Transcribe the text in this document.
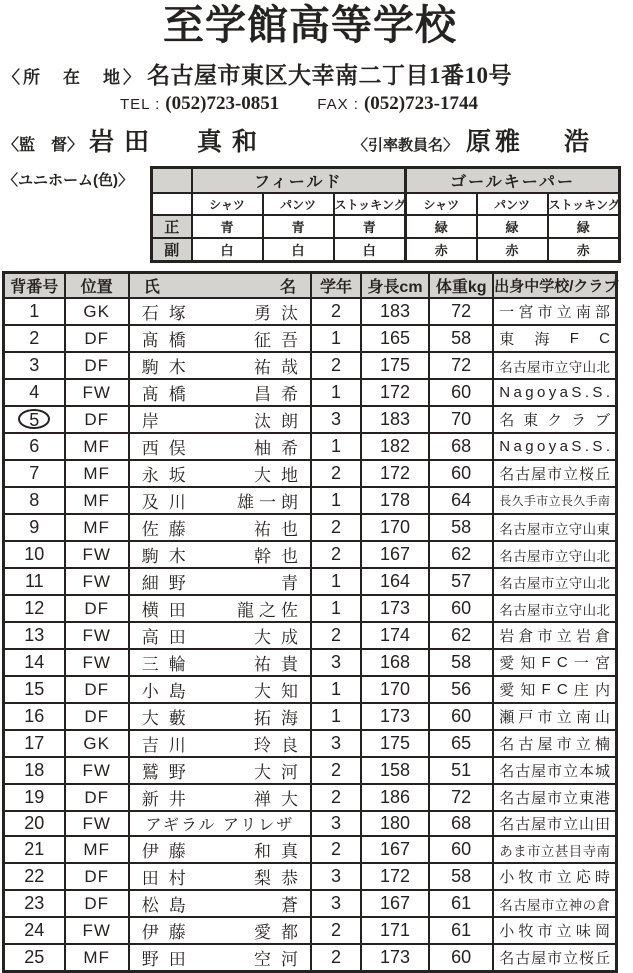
至学館高等学校
〈所　在　地〉 名古屋市東区大幸南二丁目1番10号
TEL : (052)723-0851	FAX : (052)723-1744
〈監　督〉 岩田 真和	〈引率教員名〉 原 雅浩
〈ユニホーム(色)〉
		フィールド			ゴールキーパー		
	シャツ	パンツ	ストッキング	シャツ	パンツ	ストッキング
正	青	青	青	緑	緑	緑
副	白	白	白	赤	赤	赤
背番号	位置	氏 名	学年	身長cm	体重kg	出身中学校/クラブ
1	GK	石塚	勇汰	2	183	72	一 宮 市 立 南 部

2	DF	髙橋 征吾	1	165	58	東 海 F C

3	DF	駒木	祐哉	2	175	72	名 古 屋 市 立 守 山 北

4	FW	髙橋	昌希	1	172	60	N a g o y a S . S .

5	DF	岸 汰朗	3	183	70	名 東 ク ラ ブ

6	MF	西俣	柚希	1	182	68	N a g o y a S . S .

7	MF	永坂	大地	2	172	60	名 古 屋 市 立 桜 丘

8	MF	及川 雄一朗	1	178	64	長 久 手 市 立 長 久 手 南

9	MF	佐藤	祐也	2	170	58	名 古 屋 市 立 守 山 東

10	FW	駒木	幹也	2	167	62	名 古 屋 市 立 守 山 北

11	FW	細野	青	1	164	57	名 古 屋 市 立 守 山 北

12	DF	横田 龍之佐	1	173	60	名 古 屋 市 立 守 山 北

13	FW	高田	大成	2	174	62	岩 倉 市 立 岩 倉

14	FW	三輪	祐貴	3	168	58	愛 知 F C 一 宮

15	DF	小島	大知	1	170	56	愛 知 F C 庄 内

16	DF	大藪	拓海	1	173	60	瀬 戸 市 立 南 山

17	GK	吉川	玲良	3	175	65	名 古 屋 市 立 楠

18	FW	鷲野	大河	2	158	51	名 古 屋 市 立 本 城

19	DF	新井	禅大	2	186	72	名 古 屋 市 立 東 港

20	FW	アギラル アリレザ	3	180	68	名 古 屋 市 立 山 田

21	MF	伊藤	和真	2	167	60	あ ま 市 立 甚 目 寺 南

22	DF	田村	梨恭	3	172	58	小 牧 市 立 応 時

23	DF	松島	蒼	3	167	61	名 古 屋 市 立 神 の 倉

24	FW	伊藤	愛都	2	171	61	小 牧 市 立 味 岡

25	MF	野田	空河	2	173	60	名 古 屋 市 立 桜 丘
